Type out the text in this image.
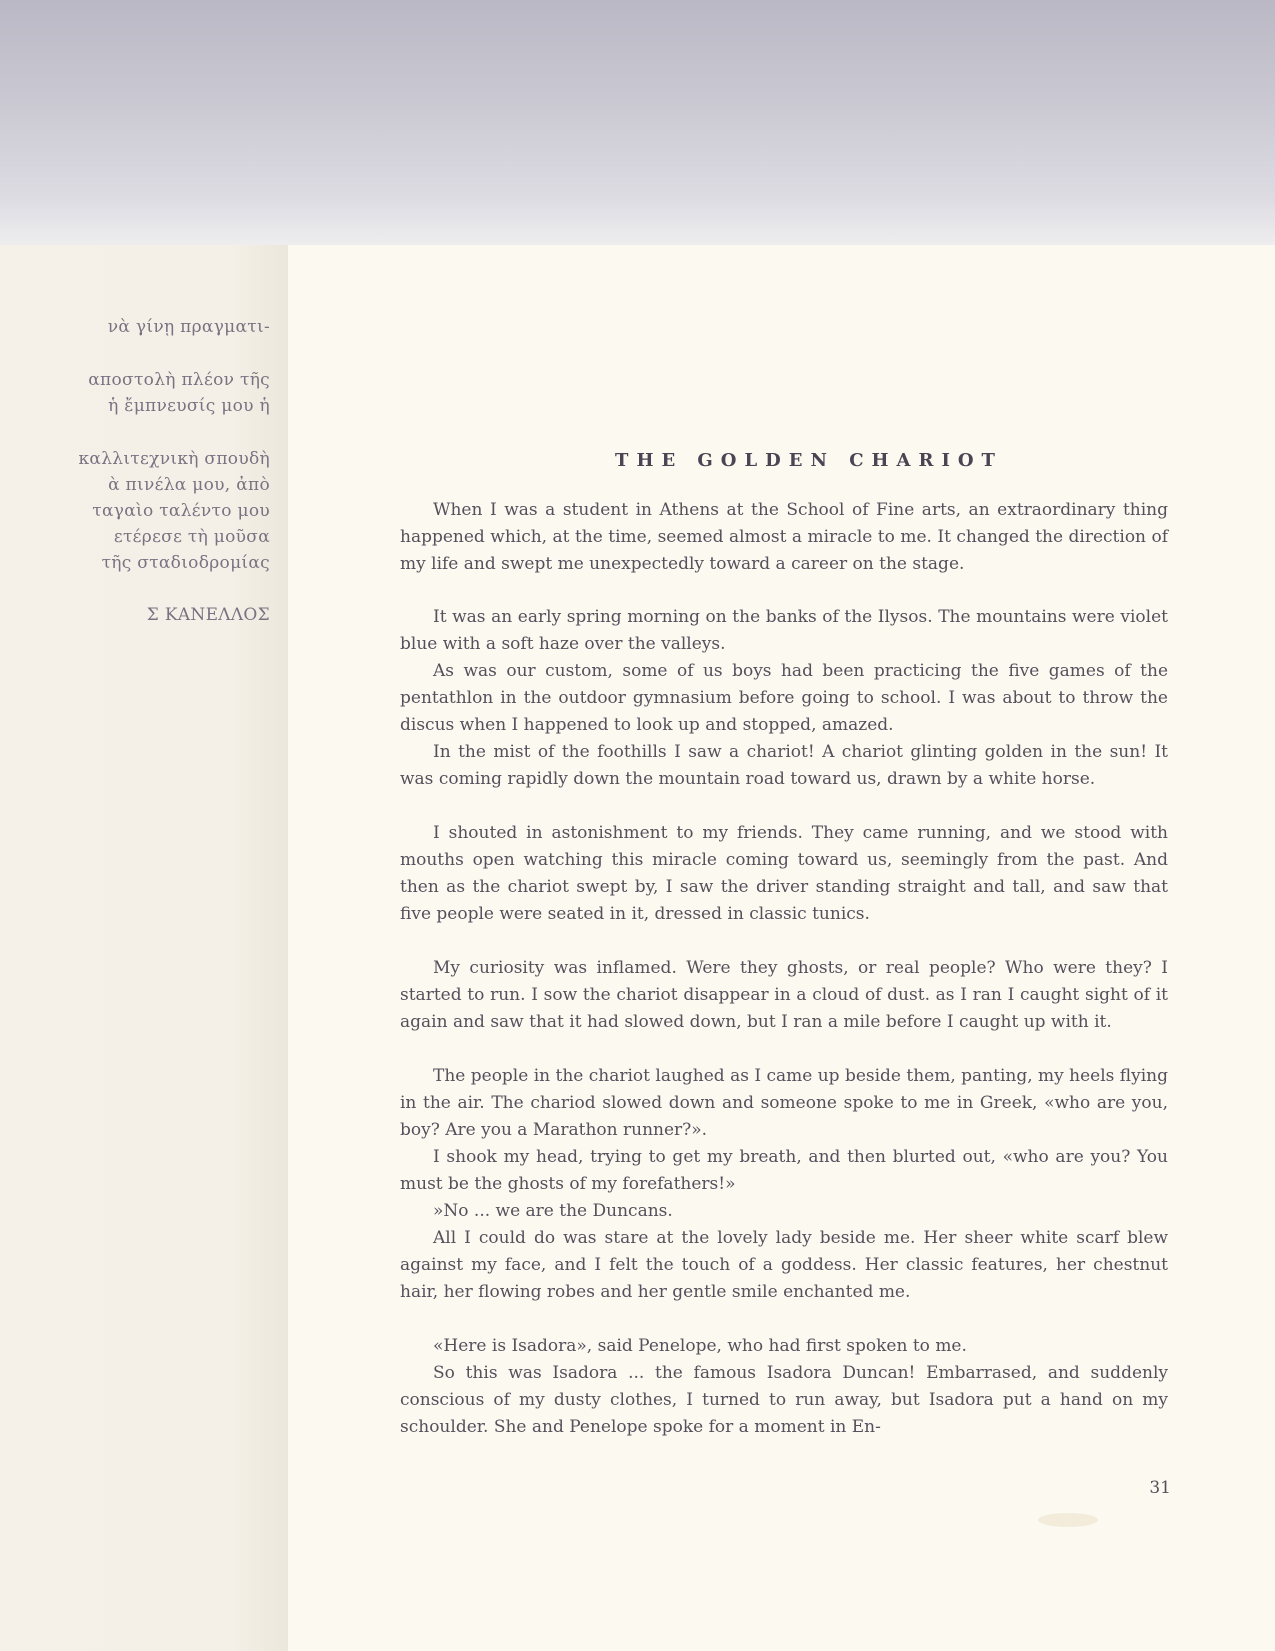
νὰ γίνῃ πραγματι-

αποστολὴ πλέον τῆς

ἡ ἔμπνευσίς μου ἡ

καλλιτεχνικὴ σπουδὴ

ὰ πινέλα μου, ἀπὸ

ταγαὶο ταλέντο μου

ετέρεσε τὴ μοῦσα

τῆς σταδιοδρομίας

Σ ΚΑΝΕΛΛΟΣ

THE GOLDEN CHARIOT

When I was a student in Athens at the School of Fine arts, an extraordinary thing happened which, at the time, seemed almost a miracle to me. It changed the direction of my life and swept me unexpectedly toward a career on the stage.

It was an early spring morning on the banks of the Ilysos. The mountains were violet blue with a soft haze over the valleys.

As was our custom, some of us boys had been practicing the five games of the pentathlon in the outdoor gymnasium before going to school. I was about to throw the discus when I happened to look up and stopped, amazed.

In the mist of the foothills I saw a chariot! A chariot glinting golden in the sun! It was coming rapidly down the mountain road toward us, drawn by a white horse.

I shouted in astonishment to my friends. They came running, and we stood with mouths open watching this miracle coming toward us, seemingly from the past. And then as the chariot swept by, I saw the driver standing straight and tall, and saw that five people were seated in it, dressed in classic tunics.

My curiosity was inflamed. Were they ghosts, or real people? Who were they? I started to run. I sow the chariot disappear in a cloud of dust. as I ran I caught sight of it again and saw that it had slowed down, but I ran a mile before I caught up with it.

The people in the chariot laughed as I came up beside them, panting, my heels flying in the air. The chariod slowed down and someone spoke to me in Greek, «who are you, boy? Are you a Marathon runner?».

I shook my head, trying to get my breath, and then blurted out, «who are you? You must be the ghosts of my forefathers!»

»No ... we are the Duncans.

All I could do was stare at the lovely lady beside me. Her sheer white scarf blew against my face, and I felt the touch of a goddess. Her classic features, her chestnut hair, her flowing robes and her gentle smile enchanted me.

«Here is Isadora», said Penelope, who had first spoken to me.

So this was Isadora ... the famous Isadora Duncan! Embarrased, and suddenly conscious of my dusty clothes, I turned to run away, but Isadora put a hand on my schoulder. She and Penelope spoke for a moment in En-

31
